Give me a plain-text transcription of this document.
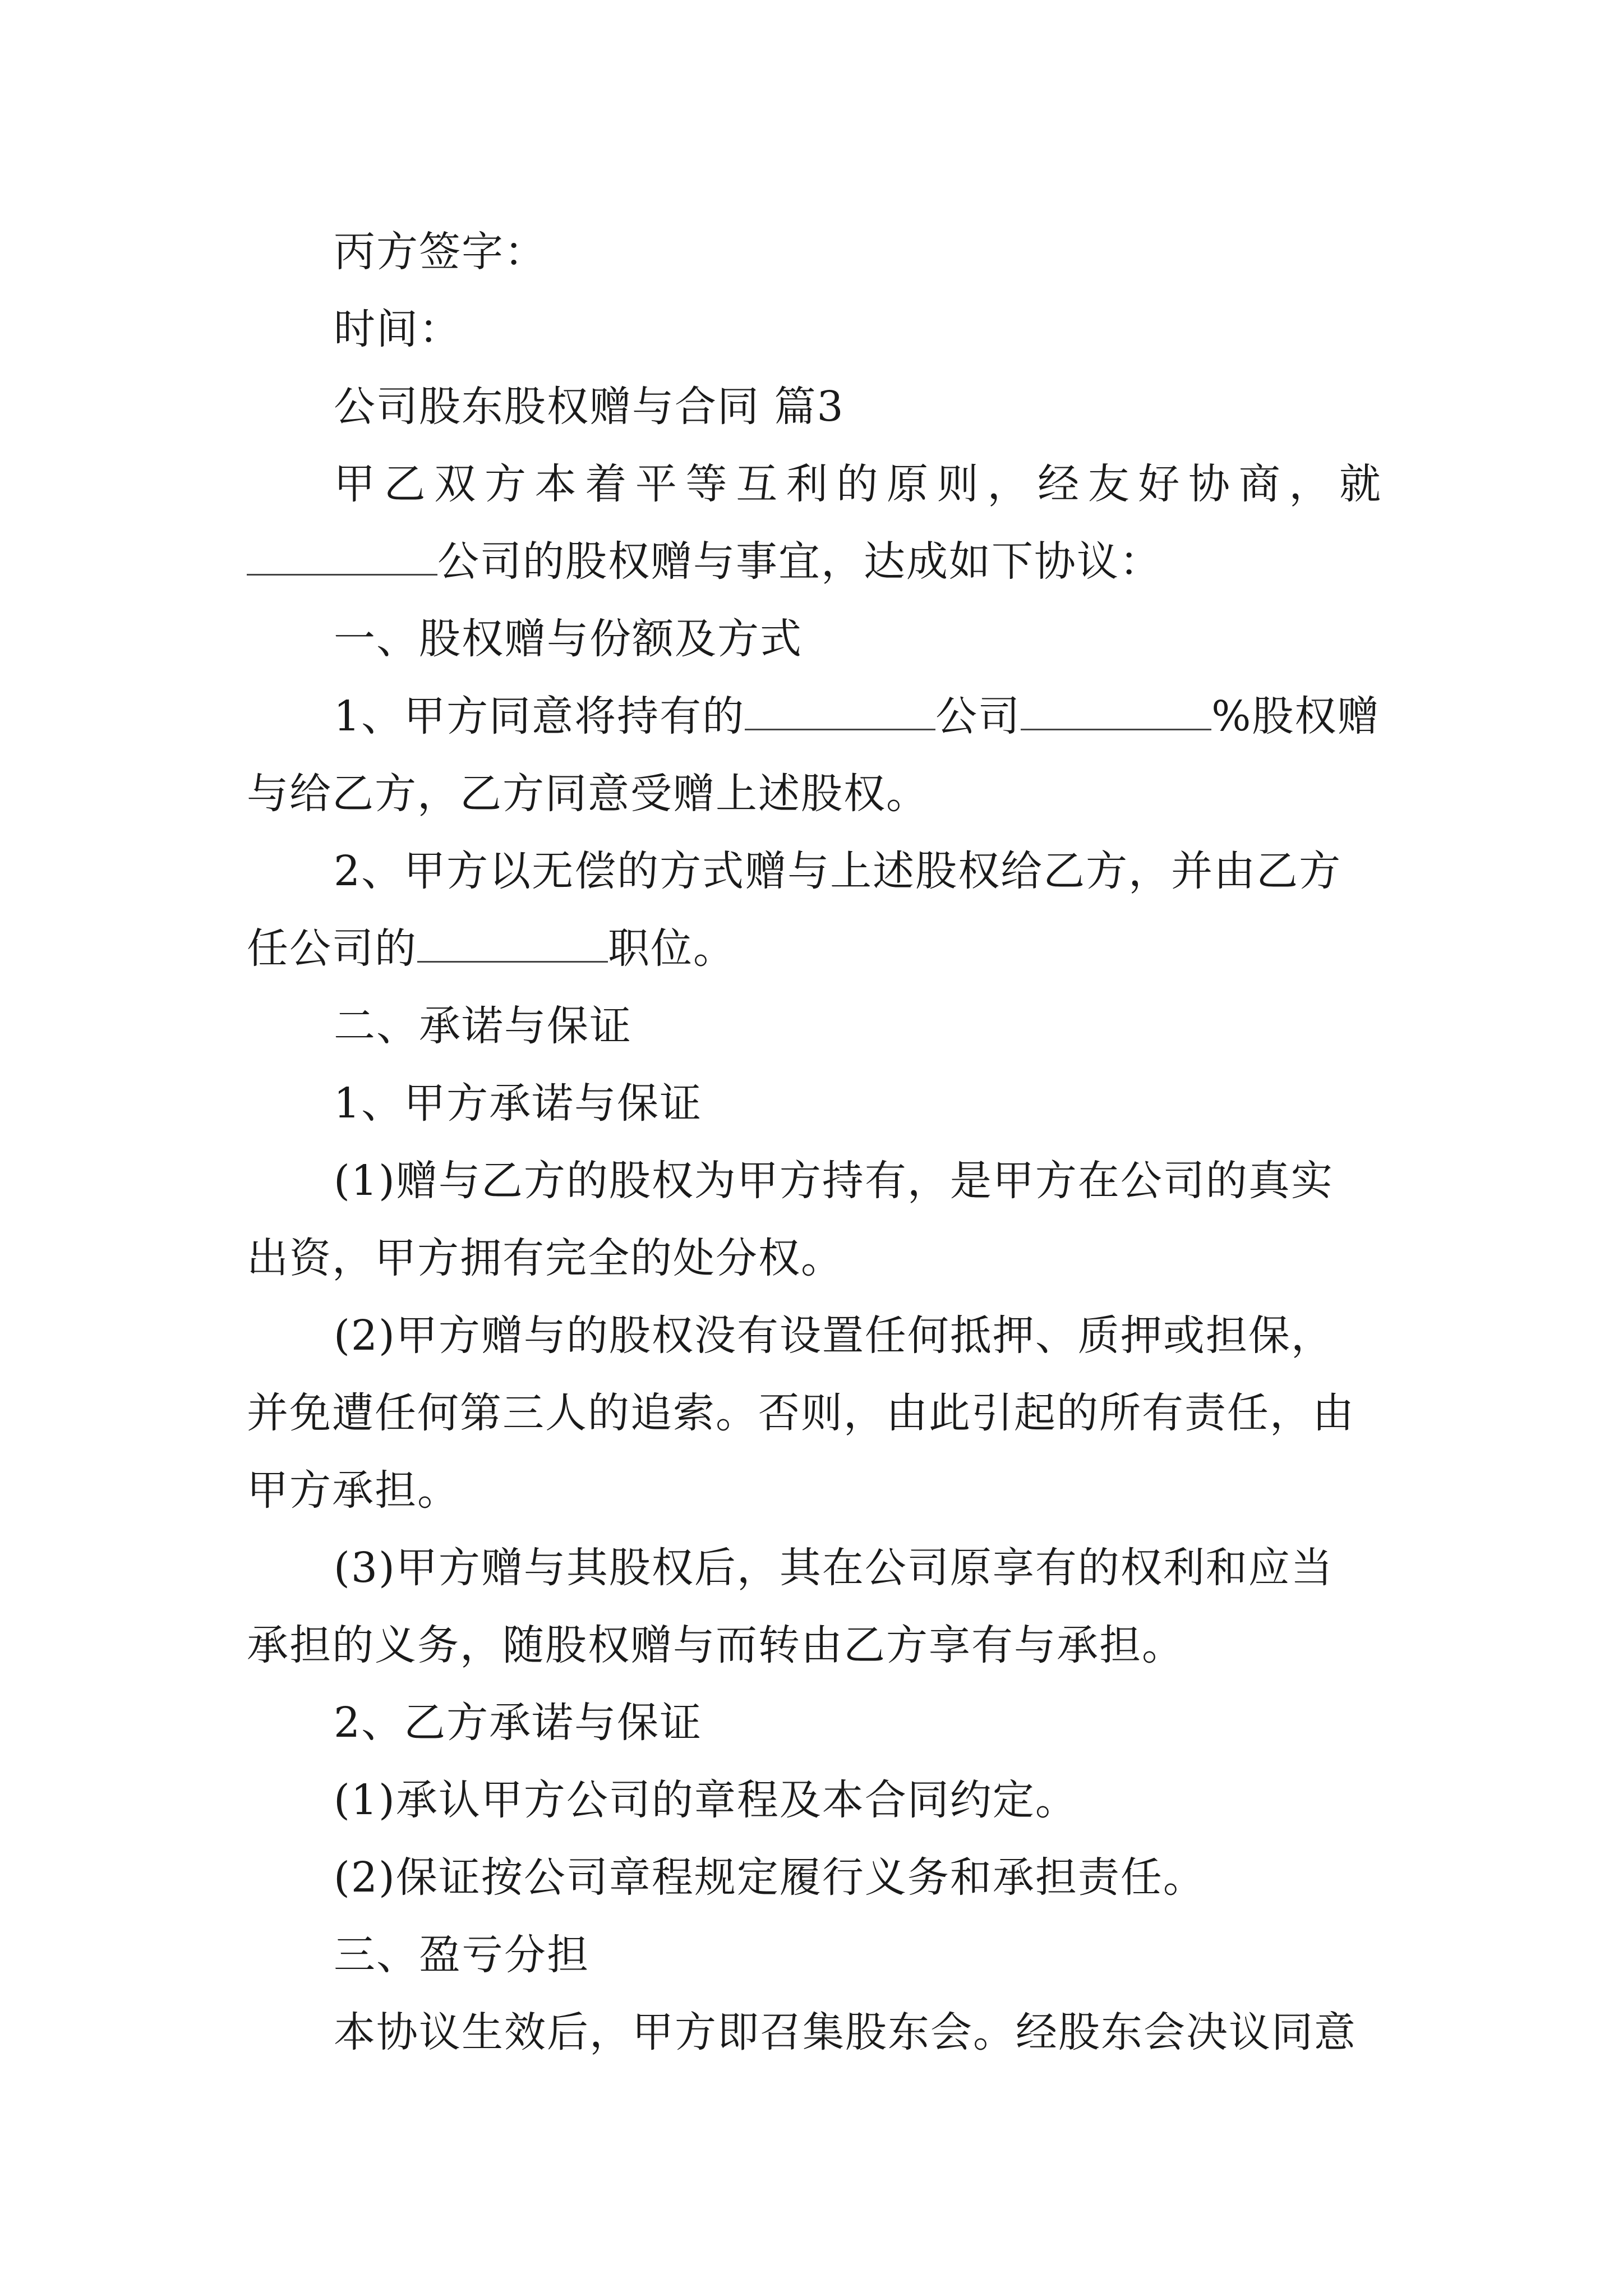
丙方签字：
时间：
公司股东股权赠与合同 篇3
甲乙双方本着平等互利的原则，经友好协商，就
公司的股权赠与事宜，达成如下协议：
一、股权赠与份额及方式
1、甲方同意将持有的	公司	%股权赠
与给乙方，乙方同意受赠上述股权。
2、甲方以无偿的方式赠与上述股权给乙方，并由乙方
任公司的	职位。
二、承诺与保证
1、甲方承诺与保证
(1)赠与乙方的股权为甲方持有，是甲方在公司的真实
出资，甲方拥有完全的处分权。
(2)甲方赠与的股权没有设置任何抵押、质押或担保，
并免遭任何第三人的追索。否则，由此引起的所有责任，由
甲方承担。
(3)甲方赠与其股权后，其在公司原享有的权利和应当
承担的义务，随股权赠与而转由乙方享有与承担。
2、乙方承诺与保证
(1)承认甲方公司的章程及本合同约定。
(2)保证按公司章程规定履行义务和承担责任。
三、盈亏分担
本协议生效后，甲方即召集股东会。经股东会决议同意
